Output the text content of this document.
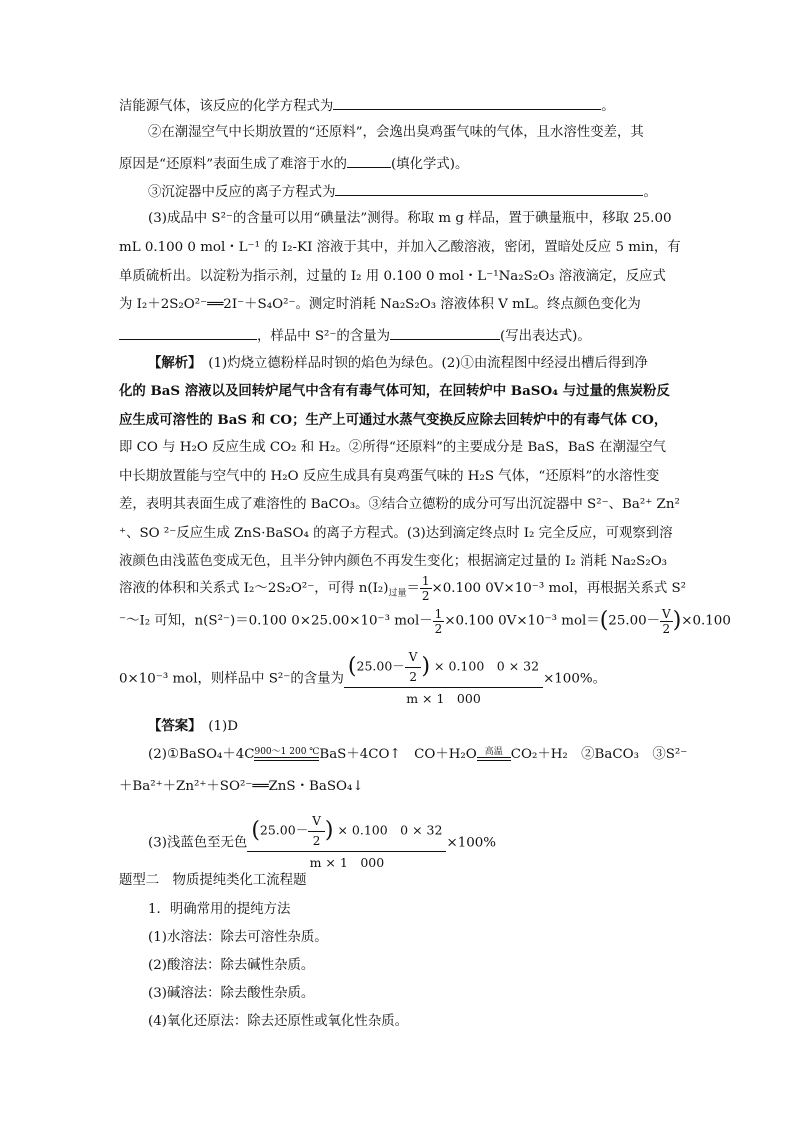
洁能源气体，该反应的化学方程式为	。
②在潮湿空气中长期放置的“还原料”，会逸出臭鸡蛋气味的气体，且水溶性变差，其
原因是“还原料”表面生成了难溶于水的	(填化学式)。
③沉淀器中反应的离子方程式为	。
(3)成品中 S²⁻的含量可以用“碘量法”测得。称取 m g 样品，置于碘量瓶中，移取 25.00
mL 0.100 0 mol・L⁻¹ 的 I₂-KI 溶液于其中，并加入乙酸溶液，密闭，置暗处反应 5 min，有
单质硫析出。以淀粉为指示剂，过量的 I₂ 用 0.100 0 mol・L⁻¹Na₂S₂O₃ 溶液滴定，反应式
为 I₂＋2S₂O²⁻══2I⁻＋S₄O²⁻。测定时消耗 Na₂S₂O₃ 溶液体积 V mL。终点颜色变化为
，样品中 S²⁻的含量为	(写出表达式)。
【解析】　 (1)灼烧立德粉样品时钡的焰色为绿色。(2)①由流程图中经浸出槽后得到净
化的 BaS 溶液以及回转炉尾气中含有有毒气体可知，在回转炉中 BaSO₄ 与过量的焦炭粉反
应生成可溶性的 BaS 和 CO；生产上可通过水蒸气变换反应除去回转炉中的有毒气体 CO，
即 CO 与 H₂O 反应生成 CO₂ 和 H₂。②所得“还原料”的主要成分是 BaS，BaS 在潮湿空气
中长期放置能与空气中的 H₂O 反应生成具有臭鸡蛋气味的 H₂S 气体，“还原料”的水溶性变
差，表明其表面生成了难溶性的 BaCO₃。③结合立德粉的成分可写出沉淀器中 S²⁻、Ba²⁺ Zn²
⁺、SO ²⁻反应生成 ZnS·BaSO₄ 的离子方程式。(3)达到滴定终点时 I₂ 完全反应，可观察到溶
液颜色由浅蓝色变成无色，且半分钟内颜色不再发生变化；根据滴定过量的 I₂ 消耗 Na₂S₂O₃
溶液的体积和关系式 I₂～2S₂O²⁻，可得 $n(I_2)_{过量}= \frac{1}{2} \times 0.100$ 0V×10⁻³ mol，再根据关系式 S²
⁻～I₂ 可知，n(S²⁻)＝0.100 0×25.00×10⁻³ $mol- \frac{1}{2} \times 0.100$ 0V×10⁻³ $mol=(25.00- \frac{V}{2} )\times 0.100$
0×10⁻³ mol，则样品中 S²⁻的含量为 $\frac{(25.00- \frac{V}{2} ) \times 0.100 0 \times 32}{m \times 1 000} \times 100\%$。
【答案】　 (1)D
(2)①BaSO₄＋4C 900～1 200 ℃ BaS＋4CO↑　CO＋H₂O 高温 CO₂＋H₂　②BaCO₃　③S²⁻
＋Ba²⁺＋Zn²⁺＋SO²⁻══ZnS・BaSO₄↓
(3)浅蓝色至无色 $\frac{(25.00- \frac{V}{2} ) \times 0.100 0 \times 32}{m \times 1 000} \times 100\%$
题型二　物质提纯类化工流程题
1．明确常用的提纯方法
(1)水溶法：除去可溶性杂质。
(2)酸溶法：除去碱性杂质。
(3)碱溶法：除去酸性杂质。
(4)氧化还原法：除去还原性或氧化性杂质。
